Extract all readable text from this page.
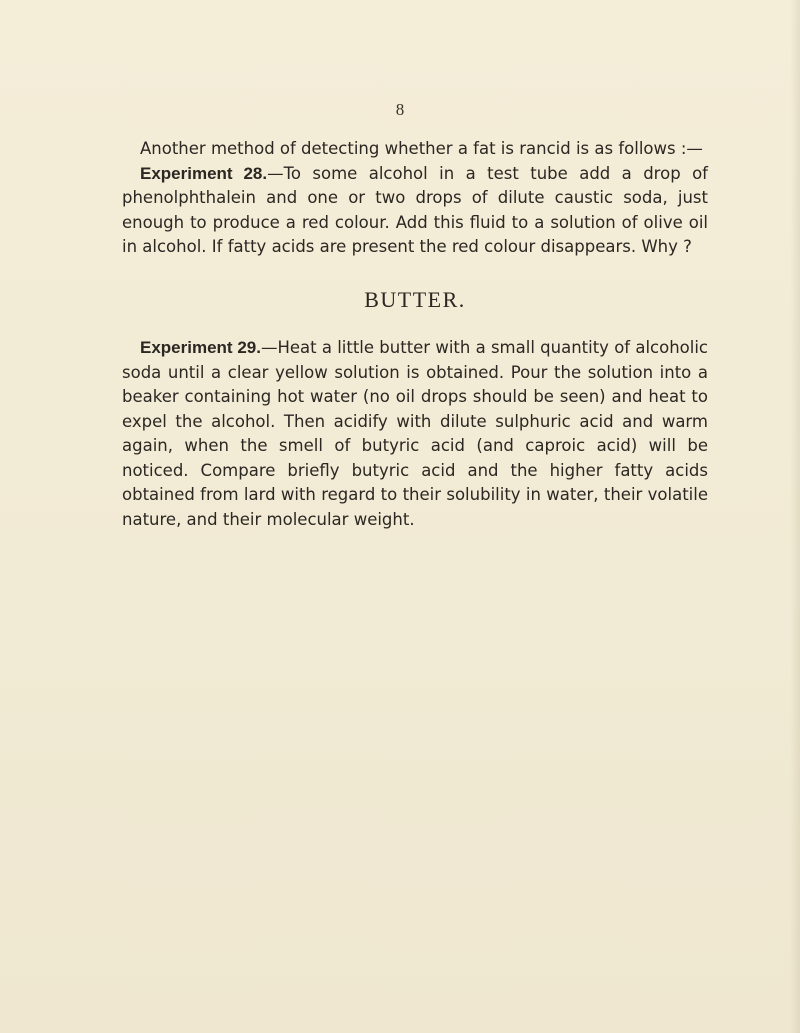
8

Another method of detecting whether a fat is rancid is as follows :—

Experiment 28.—To some alcohol in a test tube add a drop of phenolphthalein and one or two drops of dilute caustic soda, just enough to produce a red colour. Add this fluid to a solution of olive oil in alcohol. If fatty acids are present the red colour disappears. Why ?

BUTTER.

Experiment 29.—Heat a little butter with a small quantity of alcoholic soda until a clear yellow solution is obtained. Pour the solution into a beaker containing hot water (no oil drops should be seen) and heat to expel the alcohol. Then acidify with dilute sulphuric acid and warm again, when the smell of butyric acid (and caproic acid) will be noticed. Compare briefly butyric acid and the higher fatty acids obtained from lard with regard to their solubility in water, their volatile nature, and their molecular weight.
